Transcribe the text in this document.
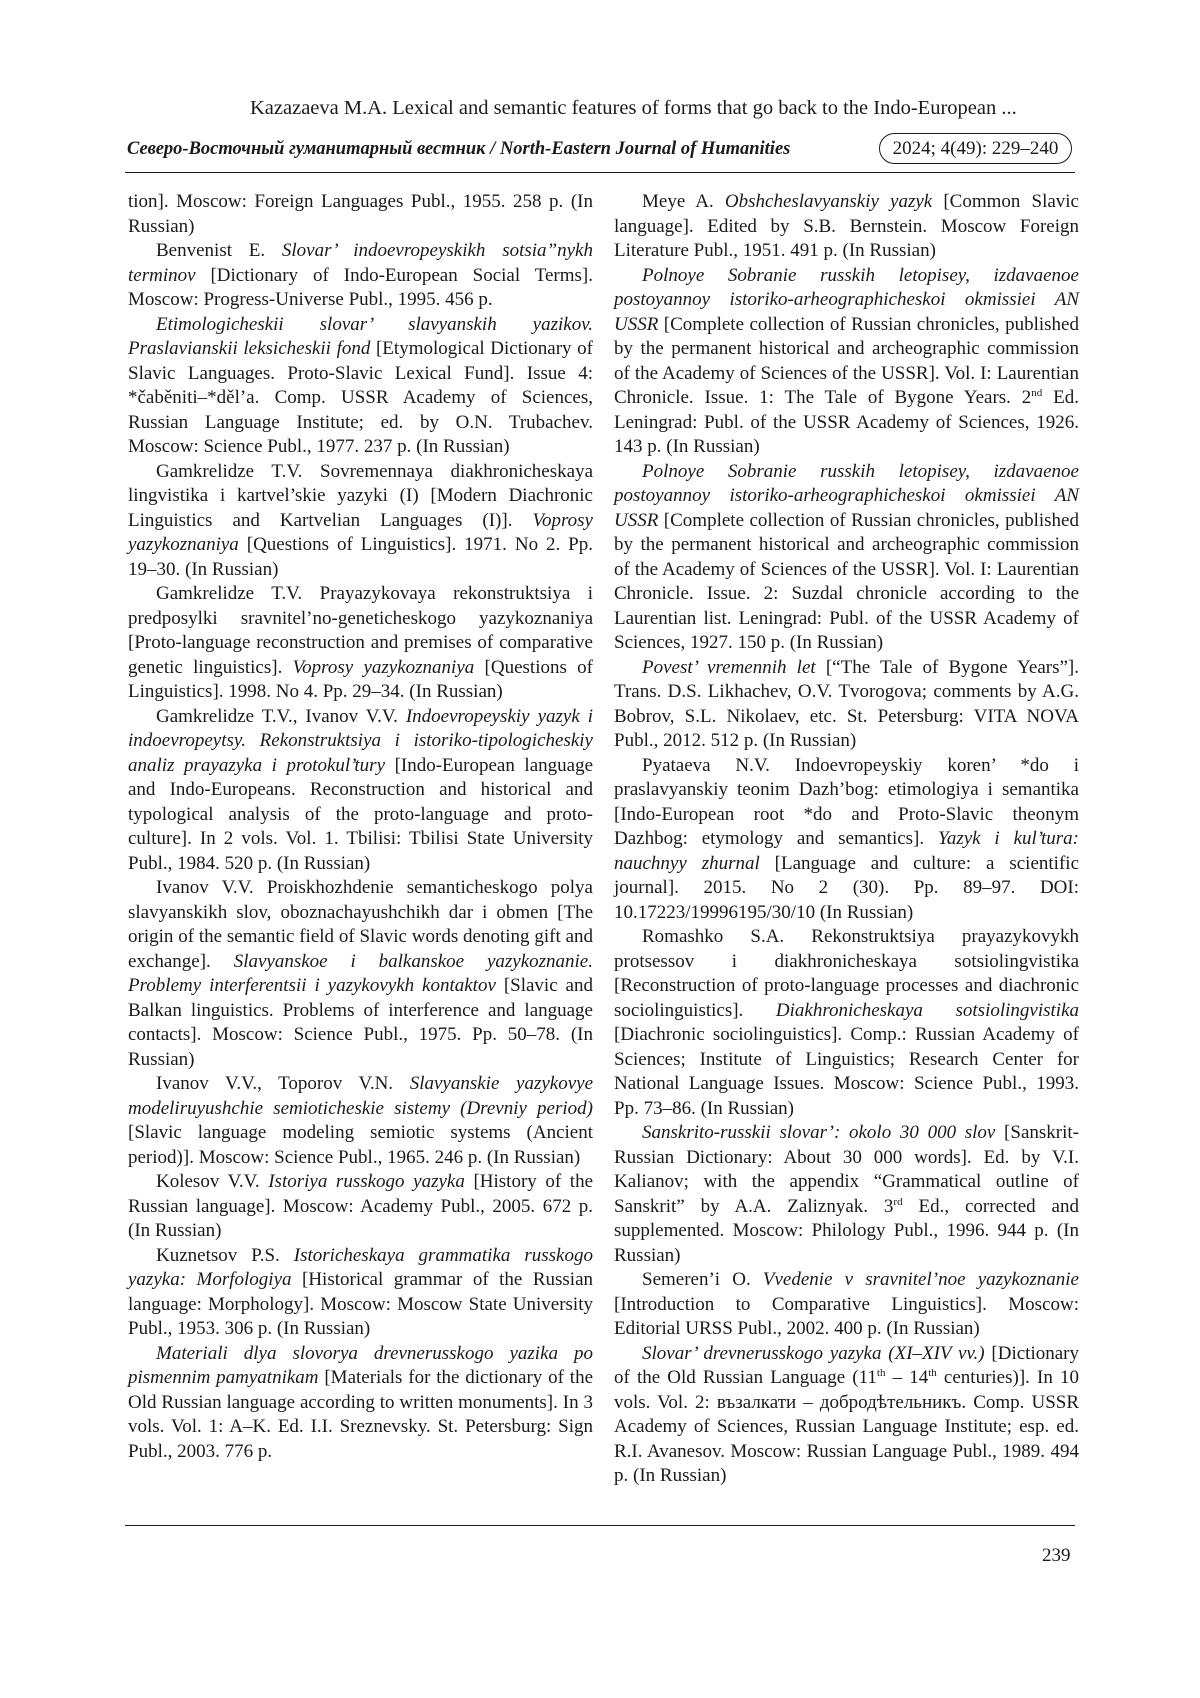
Kazazaeva M.A. Lexical and semantic features of forms that go back to the Indo-European ...
Северо-Восточный гуманитарный вестник / North-Eastern Journal of Humanities	2024; 4(49): 229–240

tion]. Moscow: Foreign Languages Publ., 1955. 258 p. (In Russian)

Benvenist E. Slovar’ indoevropeyskikh sotsia”nykh terminov [Dictionary of Indo-European Social Terms]. Moscow: Progress-Universe Publ., 1995. 456 p.

Etimologicheskii slovar’ slavyanskih yazikov. Praslavianskii leksicheskii fond [Etymological Dictionary of Slavic Languages. Proto-Slavic Lexical Fund]. Issue 4: *čaběniti–*děl’a. Comp. USSR Academy of Sciences, Russian Language Institute; ed. by O.N. Trubachev. Moscow: Science Publ., 1977. 237 p. (In Russian)

Gamkrelidze T.V. Sovremennaya diakhronicheskaya lingvistika i kartvel’skie yazyki (I) [Modern Diachronic Linguistics and Kartvelian Languages (I)]. Voprosy yazykoznaniya [Questions of Linguistics]. 1971. No 2. Pp. 19–30. (In Russian)

Gamkrelidze T.V. Prayazykovaya rekonstruktsiya i predposylki sravnitel’no-geneticheskogo yazykoznaniya [Proto-language reconstruction and premises of comparative genetic linguistics]. Voprosy yazykoznaniya [Questions of Linguistics]. 1998. No 4. Pp. 29–34. (In Russian)

Gamkrelidze T.V., Ivanov V.V. Indoevropeyskiy yazyk i indoevropeytsy. Rekonstruktsiya i istoriko-tipologicheskiy analiz prayazyka i protokul’tury [Indo-European language and Indo-Europeans. Reconstruction and historical and typological analysis of the proto-language and proto-culture]. In 2 vols. Vol. 1. Tbilisi: Tbilisi State University Publ., 1984. 520 p. (In Russian)

Ivanov V.V. Proiskhozhdenie semanticheskogo polya slavyanskikh slov, oboznachayushchikh dar i obmen [The origin of the semantic field of Slavic words denoting gift and exchange]. Slavyanskoe i balkanskoe yazykoznanie. Problemy interferentsii i yazykovykh kontaktov [Slavic and Balkan linguistics. Problems of interference and language contacts]. Moscow: Science Publ., 1975. Pp. 50–78. (In Russian)

Ivanov V.V., Toporov V.N. Slavyanskie yazykovye modeliruyushchie semioticheskie sistemy (Drevniy period) [Slavic language modeling semiotic systems (Ancient period)]. Moscow: Science Publ., 1965. 246 p. (In Russian)

Kolesov V.V. Istoriya russkogo yazyka [History of the Russian language]. Moscow: Academy Publ., 2005. 672 p. (In Russian)

Kuznetsov P.S. Istoricheskaya grammatika russkogo yazyka: Morfologiya [Historical grammar of the Russian language: Morphology]. Moscow: Moscow State University Publ., 1953. 306 p. (In Russian)

Materiali dlya slovorya drevnerusskogo yazika po pismennim pamyatnikam [Materials for the dictionary of the Old Russian language according to written monuments]. In 3 vols. Vol. 1: A–K. Ed. I.I. Sreznevsky. St. Petersburg: Sign Publ., 2003. 776 p.

Meye A. Obshcheslavyanskiy yazyk [Common Slavic language]. Edited by S.B. Bernstein. Moscow Foreign Literature Publ., 1951. 491 p. (In Russian)

Polnoye Sobranie russkih letopisey, izdavaenoe postoyannoy istoriko-arheographicheskoi okmissiei AN USSR [Complete collection of Russian chronicles, published by the permanent historical and archeographic commission of the Academy of Sciences of the USSR]. Vol. I: Laurentian Chronicle. Issue. 1: The Tale of Bygone Years. 2nd Ed. Leningrad: Publ. of the USSR Academy of Sciences, 1926. 143 p. (In Russian)

Polnoye Sobranie russkih letopisey, izdavaenoe postoyannoy istoriko-arheographicheskoi okmissiei AN USSR [Complete collection of Russian chronicles, published by the permanent historical and archeographic commission of the Academy of Sciences of the USSR]. Vol. I: Laurentian Chronicle. Issue. 2: Suzdal chronicle according to the Laurentian list. Leningrad: Publ. of the USSR Academy of Sciences, 1927. 150 p. (In Russian)

Povest’ vremennih let [“The Tale of Bygone Years”]. Trans. D.S. Likhachev, O.V. Tvorogova; comments by A.G. Bobrov, S.L. Nikolaev, etc. St. Petersburg: VITA NOVA Publ., 2012. 512 p. (In Russian)

Pyataeva N.V. Indoevropeyskiy koren’ *do i praslavyanskiy teonim Dazh’bog: etimologiya i semantika [Indo-European root *do and Proto-Slavic theonym Dazhbog: etymology and semantics]. Yazyk i kul’tura: nauchnyy zhurnal [Language and culture: a scientific journal]. 2015. No 2 (30). Pp. 89–97. DOI: 10.17223/19996195/30/10 (In Russian)

Romashko S.A. Rekonstruktsiya prayazykovykh protsessov i diakhronicheskaya sotsiolingvistika [Reconstruction of proto-language processes and diachronic sociolinguistics]. Diakhronicheskaya sotsiolingvistika [Diachronic sociolinguistics]. Comp.: Russian Academy of Sciences; Institute of Linguistics; Research Center for National Language Issues. Moscow: Science Publ., 1993. Pp. 73–86. (In Russian)

Sanskrito-russkii slovar’: okolo 30 000 slov [Sanskrit-Russian Dictionary: About 30 000 words]. Ed. by V.I. Kalianov; with the appendix “Grammatical outline of Sanskrit” by A.A. Zaliznyak. 3rd Ed., corrected and supplemented. Moscow: Philology Publ., 1996. 944 p. (In Russian)

Semeren’i O. Vvedenie v sravnitel’noe yazykoznanie [Introduction to Comparative Linguistics]. Moscow: Editorial URSS Publ., 2002. 400 p. (In Russian)

Slovar’ drevnerusskogo yazyka (XI–XIV vv.) [Dictionary of the Old Russian Language (11th – 14th centuries)]. In 10 vols. Vol. 2: възалкати – добродѣтельникъ. Comp. USSR Academy of Sciences, Russian Language Institute; esp. ed. R.I. Avanesov. Moscow: Russian Language Publ., 1989. 494 p. (In Russian)

239
